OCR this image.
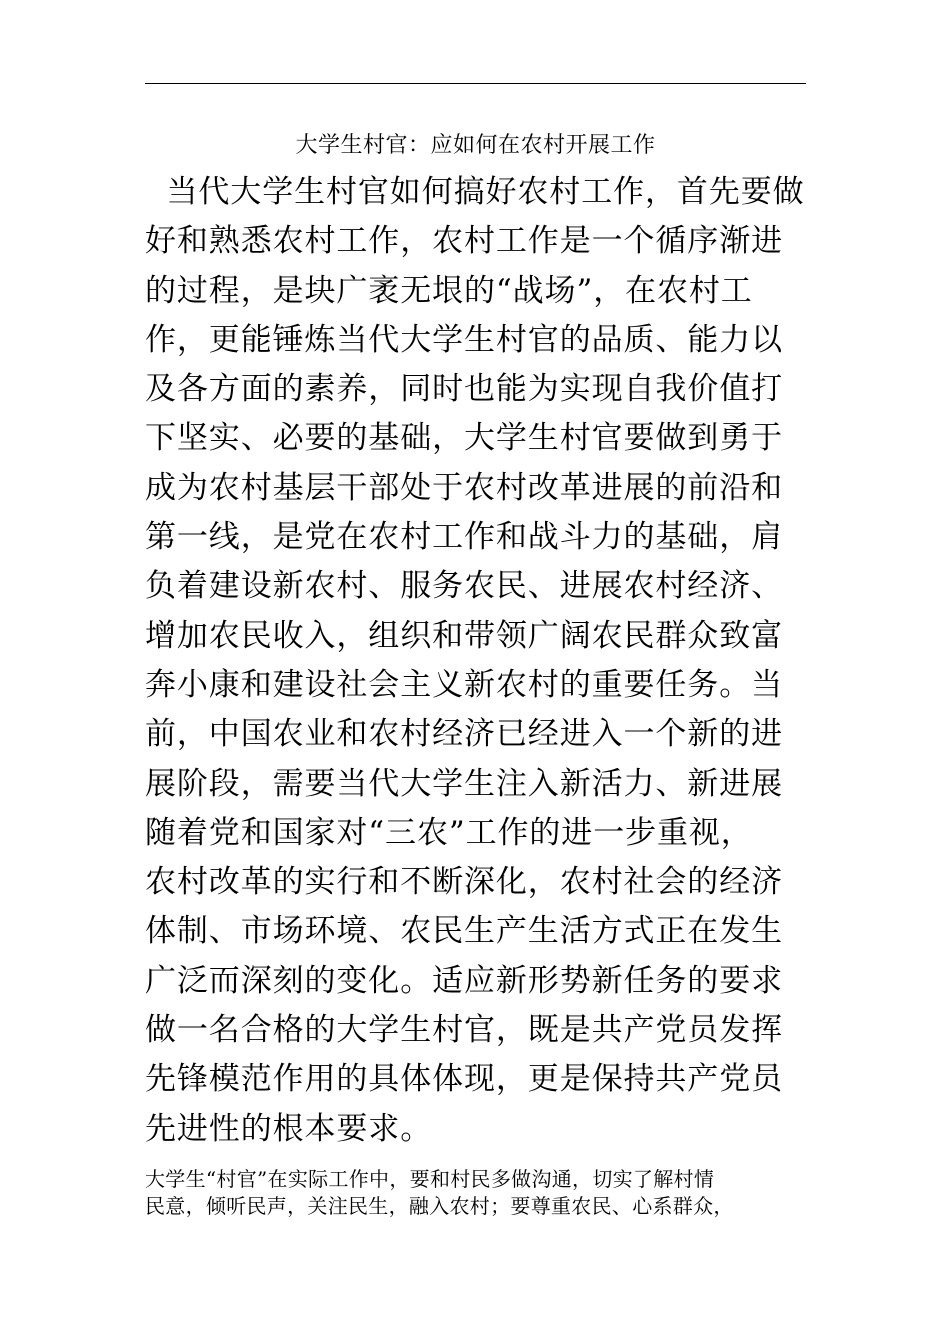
大学生村官：应如何在农村开展工作
当代大学生村官如何搞好农村工作，首先要做
好和熟悉农村工作，农村工作是一个循序渐进
的过程，是块广袤无垠的“战场”，在农村工
作，更能锤炼当代大学生村官的品质、能力以
及各方面的素养，同时也能为实现自我价值打
下坚实、必要的基础，大学生村官要做到勇于
成为农村基层干部处于农村改革进展的前沿和
第一线，是党在农村工作和战斗力的基础，肩
负着建设新农村、服务农民、进展农村经济、
增加农民收入，组织和带领广阔农民群众致富
奔小康和建设社会主义新农村的重要任务。当
前，中国农业和农村经济已经进入一个新的进
展阶段，需要当代大学生注入新活力、新进展
随着党和国家对“三农”工作的进一步重视，
农村改革的实行和不断深化，农村社会的经济
体制、市场环境、农民生产生活方式正在发生
广泛而深刻的变化。适应新形势新任务的要求
做一名合格的大学生村官，既是共产党员发挥
先锋模范作用的具体体现，更是保持共产党员
先进性的根本要求。
大学生“村官”在实际工作中，要和村民多做沟通，切实了解村情
民意，倾听民声，关注民生，融入农村；要尊重农民、心系群众，
